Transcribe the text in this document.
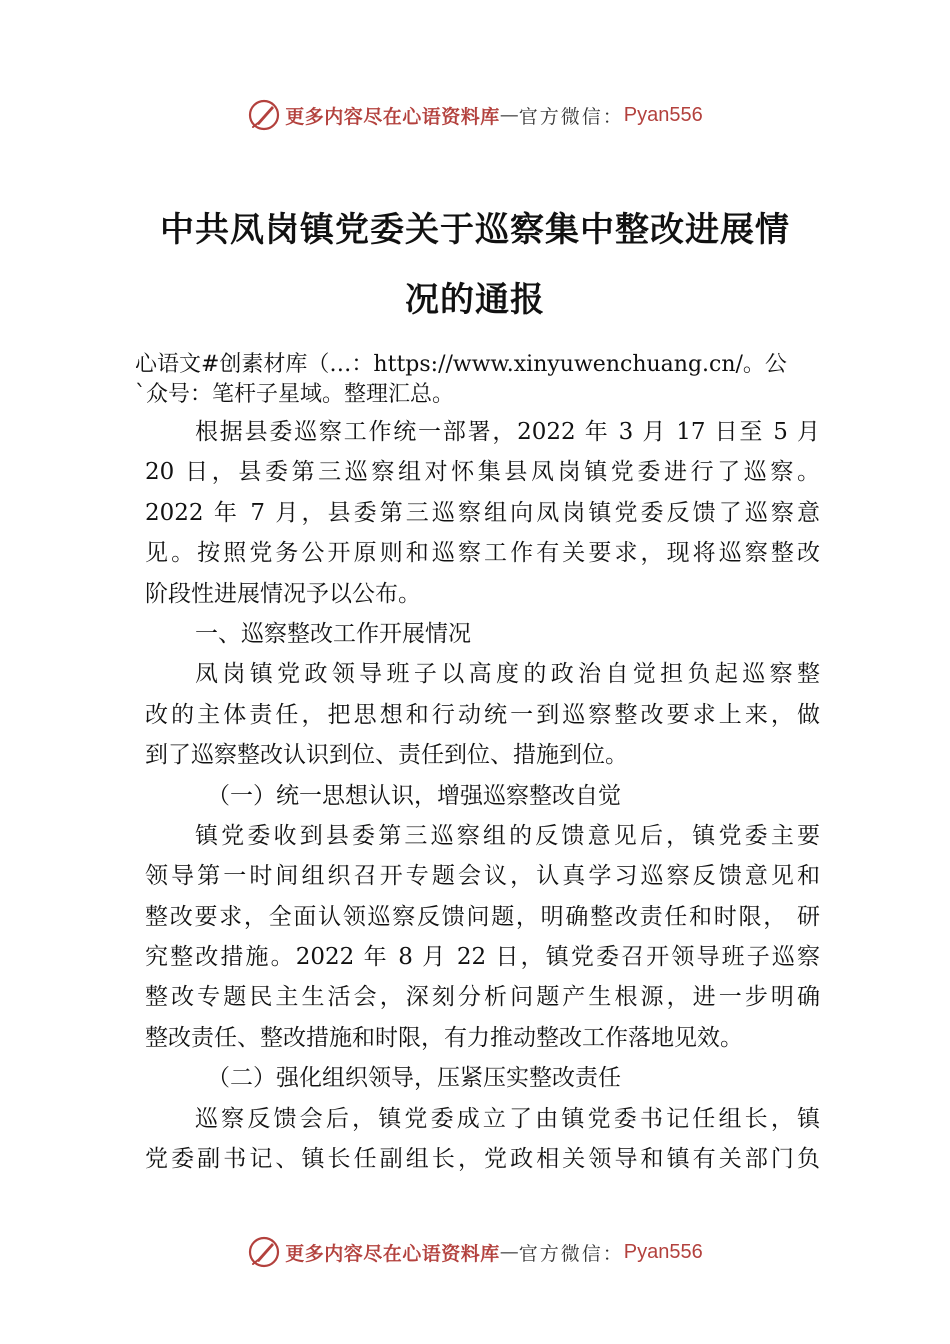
更多内容尽在心语资料库 — 官方微信： Pyan556
中共凤岗镇党委关于巡察集中整改进展情
况的通报
心语文#创素材库（…：https://www.xinyuwenchuang.cn/。公
`众号：笔杆子星域。整理汇总。
根据县委巡察工作统一部署，2022 年 3 月 17 日至 5 月
20 日，县委第三巡察组对怀集县凤岗镇党委进行了巡察。
2022 年 7 月，县委第三巡察组向凤岗镇党委反馈了巡察意
见。按照党务公开原则和巡察工作有关要求，现将巡察整改
阶段性进展情况予以公布。
一、巡察整改工作开展情况
凤岗镇党政领导班子以高度的政治自觉担负起巡察整
改的主体责任，把思想和行动统一到巡察整改要求上来，做
到了巡察整改认识到位、责任到位、措施到位。
（一）统一思想认识，增强巡察整改自觉
镇党委收到县委第三巡察组的反馈意见后，镇党委主要
领导第一时间组织召开专题会议，认真学习巡察反馈意见和
整改要求，全面认领巡察反馈问题，明确整改责任和时限， 研
究整改措施。2022 年 8 月 22 日，镇党委召开领导班子巡察
整改专题民主生活会，深刻分析问题产生根源，进一步明确
整改责任、整改措施和时限，有力推动整改工作落地见效。
（二）强化组织领导，压紧压实整改责任
巡察反馈会后，镇党委成立了由镇党委书记任组长，镇
党委副书记、镇长任副组长，党政相关领导和镇有关部门负
更多内容尽在心语资料库 — 官方微信： Pyan556
